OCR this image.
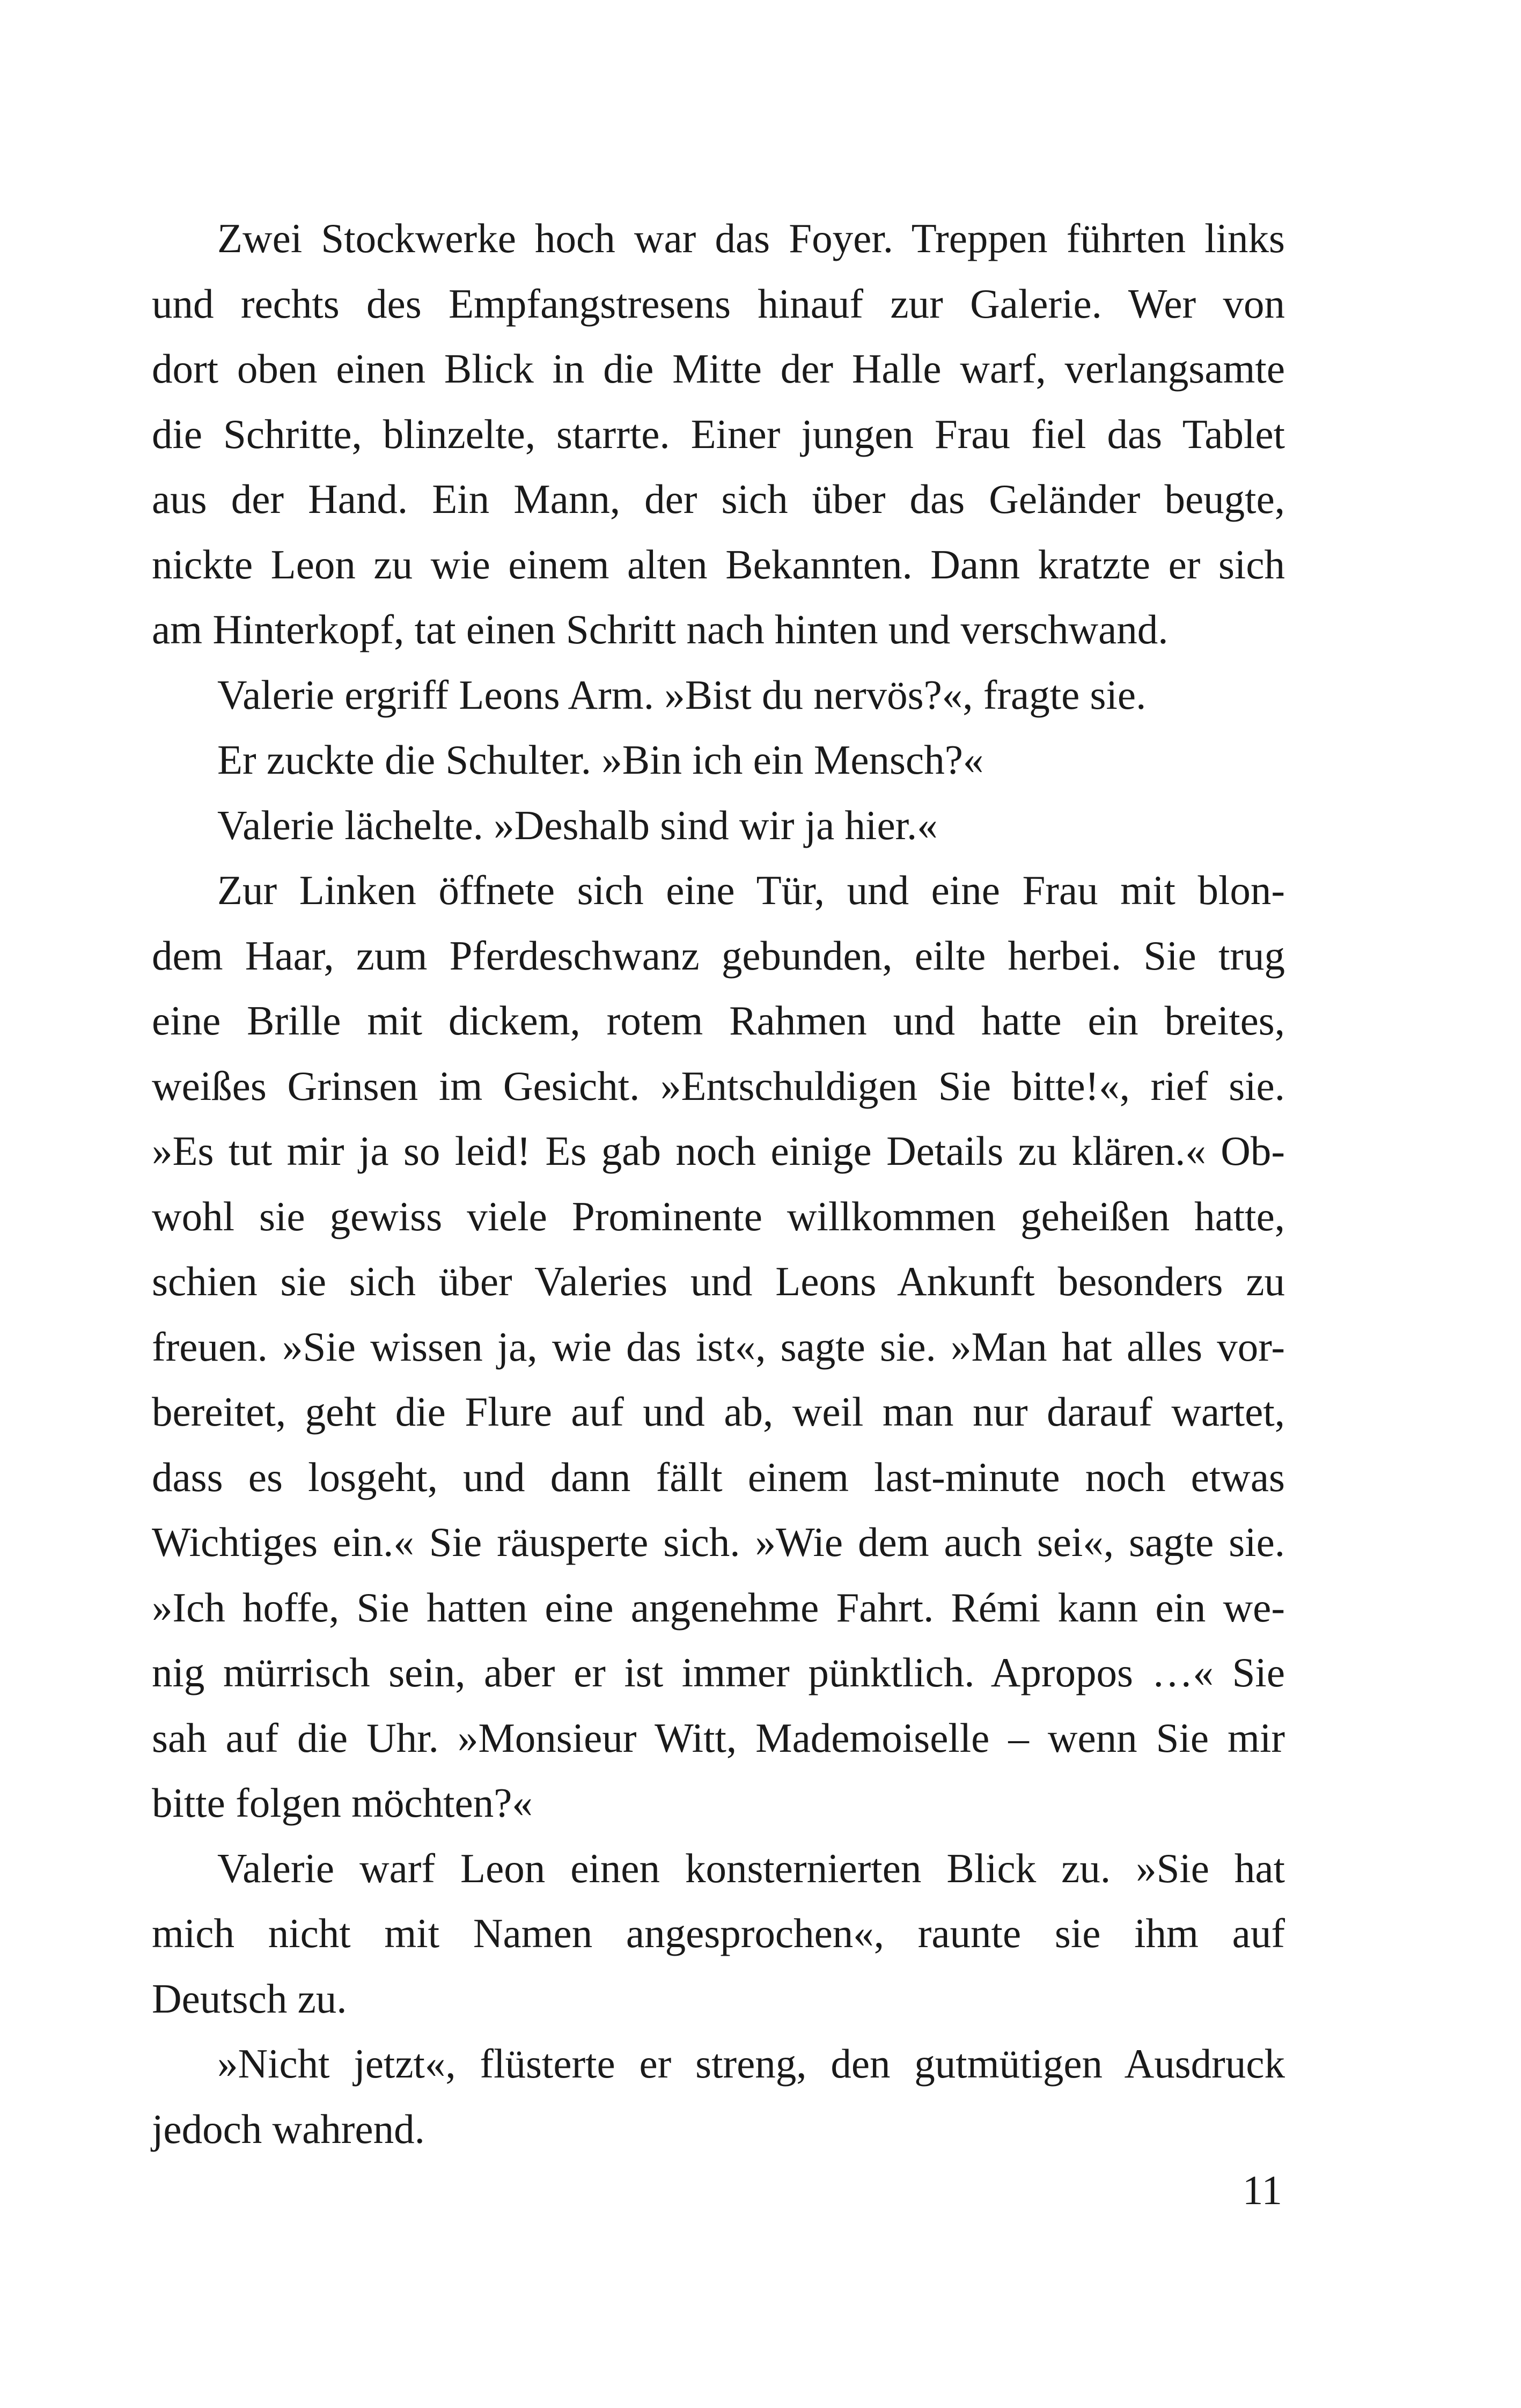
Zwei Stockwerke hoch war das Foyer. Treppen führten links
und rechts des Empfangstresens hinauf zur Galerie. Wer von
dort oben einen Blick in die Mitte der Halle warf, verlangsamte
die Schritte, blinzelte, starrte. Einer jungen Frau fiel das Tablet
aus der Hand. Ein Mann, der sich über das Geländer beugte,
nickte Leon zu wie einem alten Bekannten. Dann kratzte er sich
am Hinterkopf, tat einen Schritt nach hinten und verschwand.
Valerie ergriff Leons Arm. »Bist du nervös?«, fragte sie.
Er zuckte die Schulter. »Bin ich ein Mensch?«
Valerie lächelte. »Deshalb sind wir ja hier.«
Zur Linken öffnete sich eine Tür, und eine Frau mit blon-
dem Haar, zum Pferdeschwanz gebunden, eilte herbei. Sie trug
eine Brille mit dickem, rotem Rahmen und hatte ein breites,
weißes Grinsen im Gesicht. »Entschuldigen Sie bitte!«, rief sie.
»Es tut mir ja so leid! Es gab noch einige Details zu klären.« Ob-
wohl sie gewiss viele Prominente willkommen geheißen hatte,
schien sie sich über Valeries und Leons Ankunft besonders zu
freuen. »Sie wissen ja, wie das ist«, sagte sie. »Man hat alles vor-
bereitet, geht die Flure auf und ab, weil man nur darauf wartet,
dass es losgeht, und dann fällt einem last-minute noch etwas
Wichtiges ein.« Sie räusperte sich. »Wie dem auch sei«, sagte sie.
»Ich hoffe, Sie hatten eine angenehme Fahrt. Rémi kann ein we-
nig mürrisch sein, aber er ist immer pünktlich. Apropos …« Sie
sah auf die Uhr. »Monsieur Witt, Mademoiselle – wenn Sie mir
bitte folgen möchten?«
Valerie warf Leon einen konsternierten Blick zu. »Sie hat
mich nicht mit Namen angesprochen«, raunte sie ihm auf
Deutsch zu.
»Nicht jetzt«, flüsterte er streng, den gutmütigen Ausdruck
jedoch wahrend.
11
